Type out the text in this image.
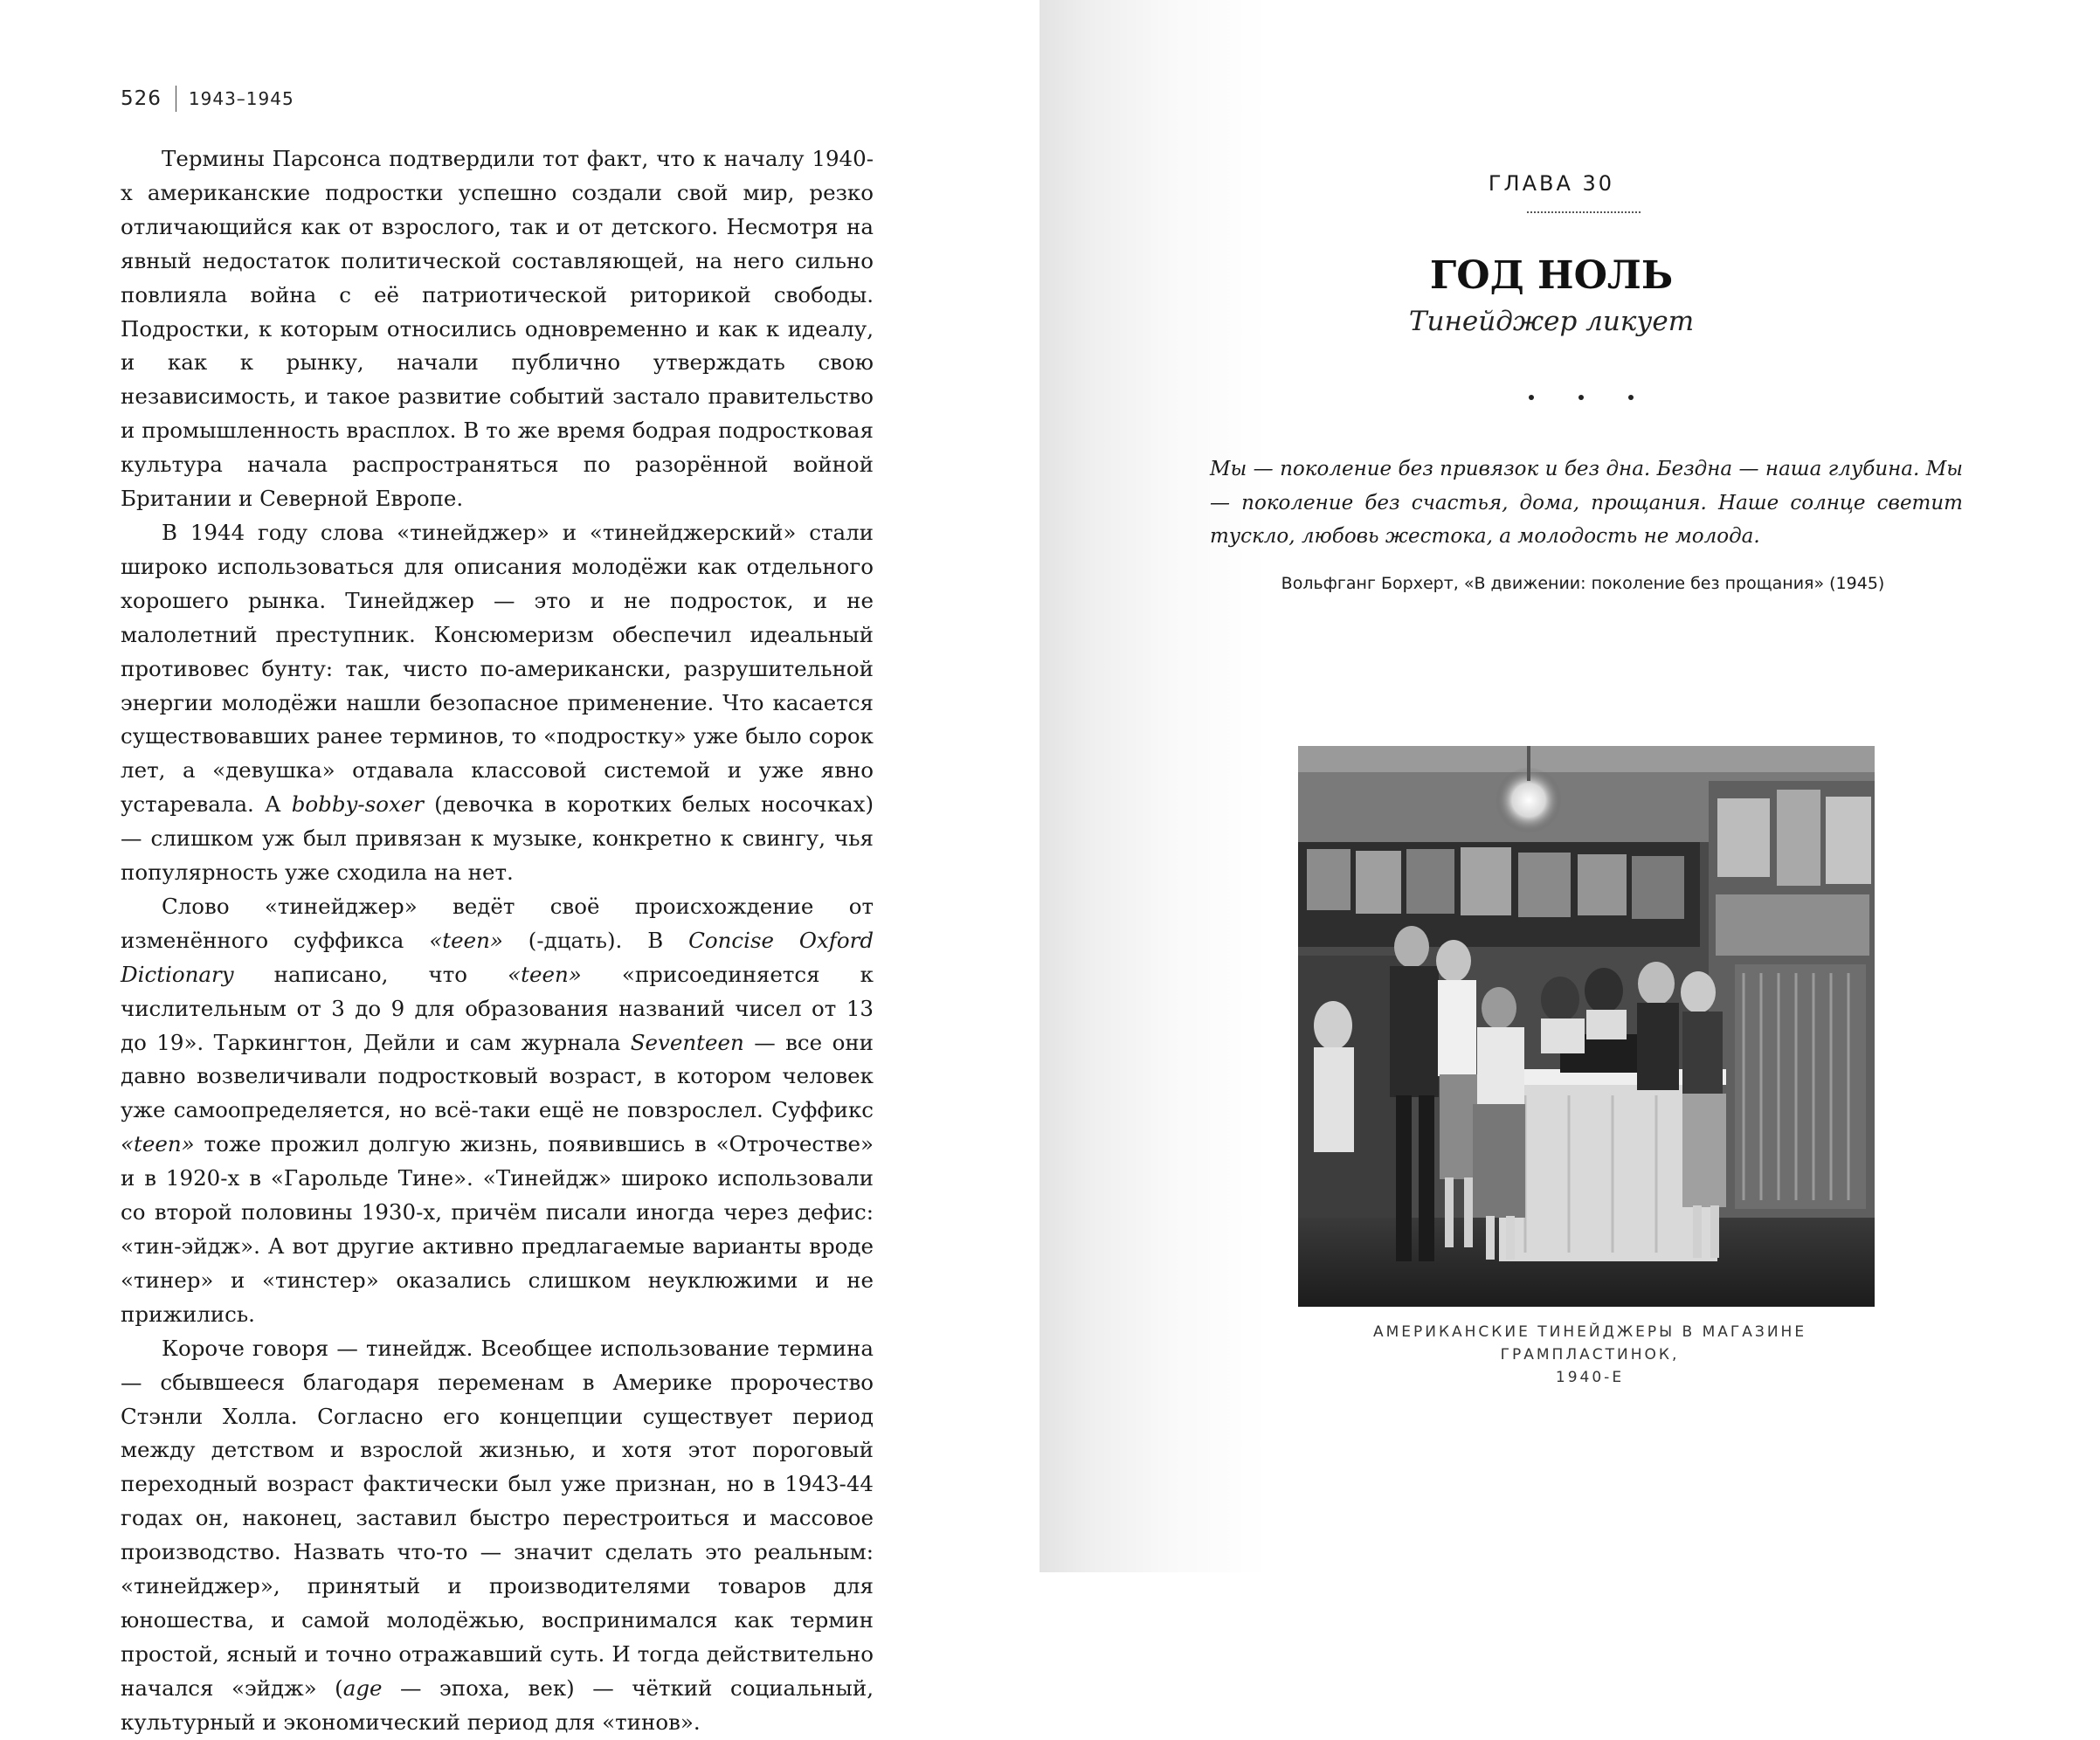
526 1943–1945

Термины Парсонса подтвердили тот факт, что к началу 1940-х американские подростки успешно создали свой мир, резко отличающийся как от взрослого, так и от детского. Несмотря на явный недостаток политической составляющей, на него сильно повлияла война с её патриотической риторикой свободы. Подростки, к которым относились одновременно и как к идеалу, и как к рынку, начали публично утверждать свою независимость, и такое развитие событий застало правительство и промышленность врасплох. В то же время бодрая подростковая культура начала распространяться по разорённой войной Британии и Северной Европе.

В 1944 году слова «тинейджер» и «тинейджерский» стали широко использоваться для описания молодёжи как отдельного хорошего рынка. Тинейджер — это и не подросток, и не малолетний преступник. Консюмеризм обеспечил идеальный противовес бунту: так, чисто по-американски, разрушительной энергии молодёжи нашли безопасное применение. Что касается существовавших ранее терминов, то «подростку» уже было сорок лет, а «девушка» отдавала классовой системой и уже явно устаревала. А bobby-soxer (девочка в коротких белых носочках) — слишком уж был привязан к музыке, конкретно к свингу, чья популярность уже сходила на нет.

Слово «тинейджер» ведёт своё происхождение от изменённого суффикса «teen» (-дцать). В Concise Oxford Dictionary написано, что «teen» «присоединяется к числительным от 3 до 9 для образования названий чисел от 13 до 19». Таркингтон, Дейли и сам журнала Seventeen — все они давно возвеличивали подростковый возраст, в котором человек уже самоопределяется, но всё-таки ещё не повзрослел. Суффикс «teen» тоже прожил долгую жизнь, появившись в «Отрочестве» и в 1920-х в «Гарольде Тине». «Тинейдж» широко использовали со второй половины 1930-х, причём писали иногда через дефис: «тин-эйдж». А вот другие активно предлагаемые варианты вроде «тинер» и «тинстер» оказались слишком неуклюжими и не прижились.

Короче говоря — тинейдж. Всеобщее использование термина — сбывшееся благодаря переменам в Америке пророчество Стэнли Холла. Согласно его концепции существует период между детством и взрослой жизнью, и хотя этот пороговый переходный возраст фактически был уже признан, но в 1943-44 годах он, наконец, заставил быстро перестроиться и массовое производство. Назвать что-то — значит сделать это реальным: «тинейджер», принятый и производителями товаров для юношества, и самой молодёжью, воспринимался как термин простой, ясный и точно отражавший суть. И тогда действительно начался «эйдж» (age — эпоха, век) — чёткий социальный, культурный и экономический период для «тинов».

ГЛАВА 30
ГОД НОЛЬ
Тинейджер ликует
Мы — поколение без привязок и без дна. Бездна — наша глубина. Мы — поколение без счастья, дома, прощания. Наше солнце светит тускло, любовь жестока, а молодость не молода.
Вольфганг Борхерт, «В движении: поколение без прощания» (1945)
АМЕРИКАНСКИЕ ТИНЕЙДЖЕРЫ В МАГАЗИНЕ ГРАМПЛАСТИНОК,
1940-Е
